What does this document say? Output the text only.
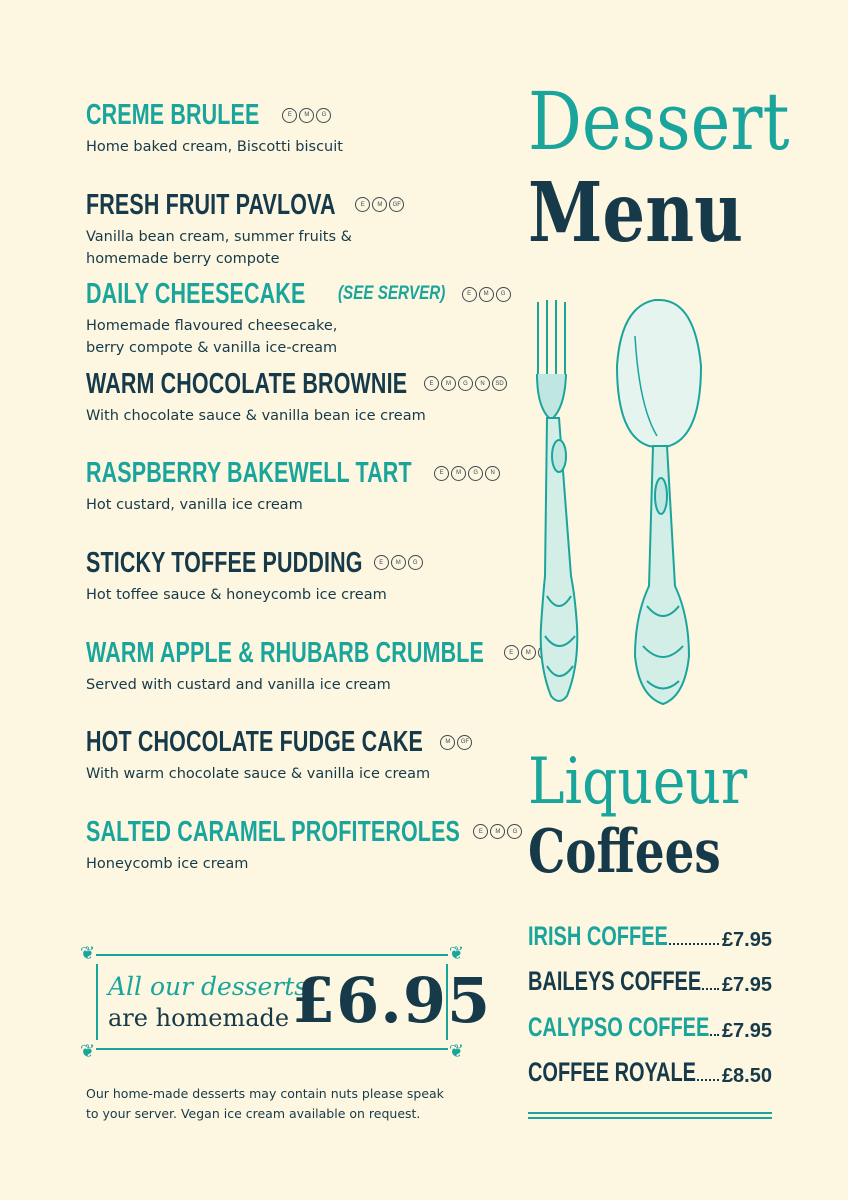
CREME BRULEE	E	M	G
Home baked cream, Biscotti biscuit
FRESH FRUIT PAVLOVA	E	M	GF
Vanilla bean cream, summer fruits &
homemade berry compote
DAILY CHEESECAKE (SEE SERVER)	E	M	G
Homemade flavoured cheesecake,
berry compote & vanilla ice-cream
WARM CHOCOLATE BROWNIE	E	M	G	N	SD
With chocolate sauce & vanilla bean ice cream
RASPBERRY BAKEWELL TART	E	M	G	N
Hot custard, vanilla ice cream
STICKY TOFFEE PUDDING	E	M	G
Hot toffee sauce & honeycomb ice cream
WARM APPLE & RHUBARB CRUMBLE	E	M
Served with custard and vanilla ice cream
HOT CHOCOLATE FUDGE CAKE	M	GF
With warm chocolate sauce & vanilla ice cream
SALTED CARAMEL PROFITEROLES	E	M	G
Honeycomb ice cream
❦	❦
❦	❦
All our desserts
are homemade £6.95
Our home-made desserts may contain nuts please speak
to your server. Vegan ice cream available on request.
Dessert
Menu
Liqueur
Coffees
IRISH COFFEE	£7.95
BAILEYS COFFEE £7.95
CALYPSO COFFEE £7.95
COFFEE ROYALE £8.50
